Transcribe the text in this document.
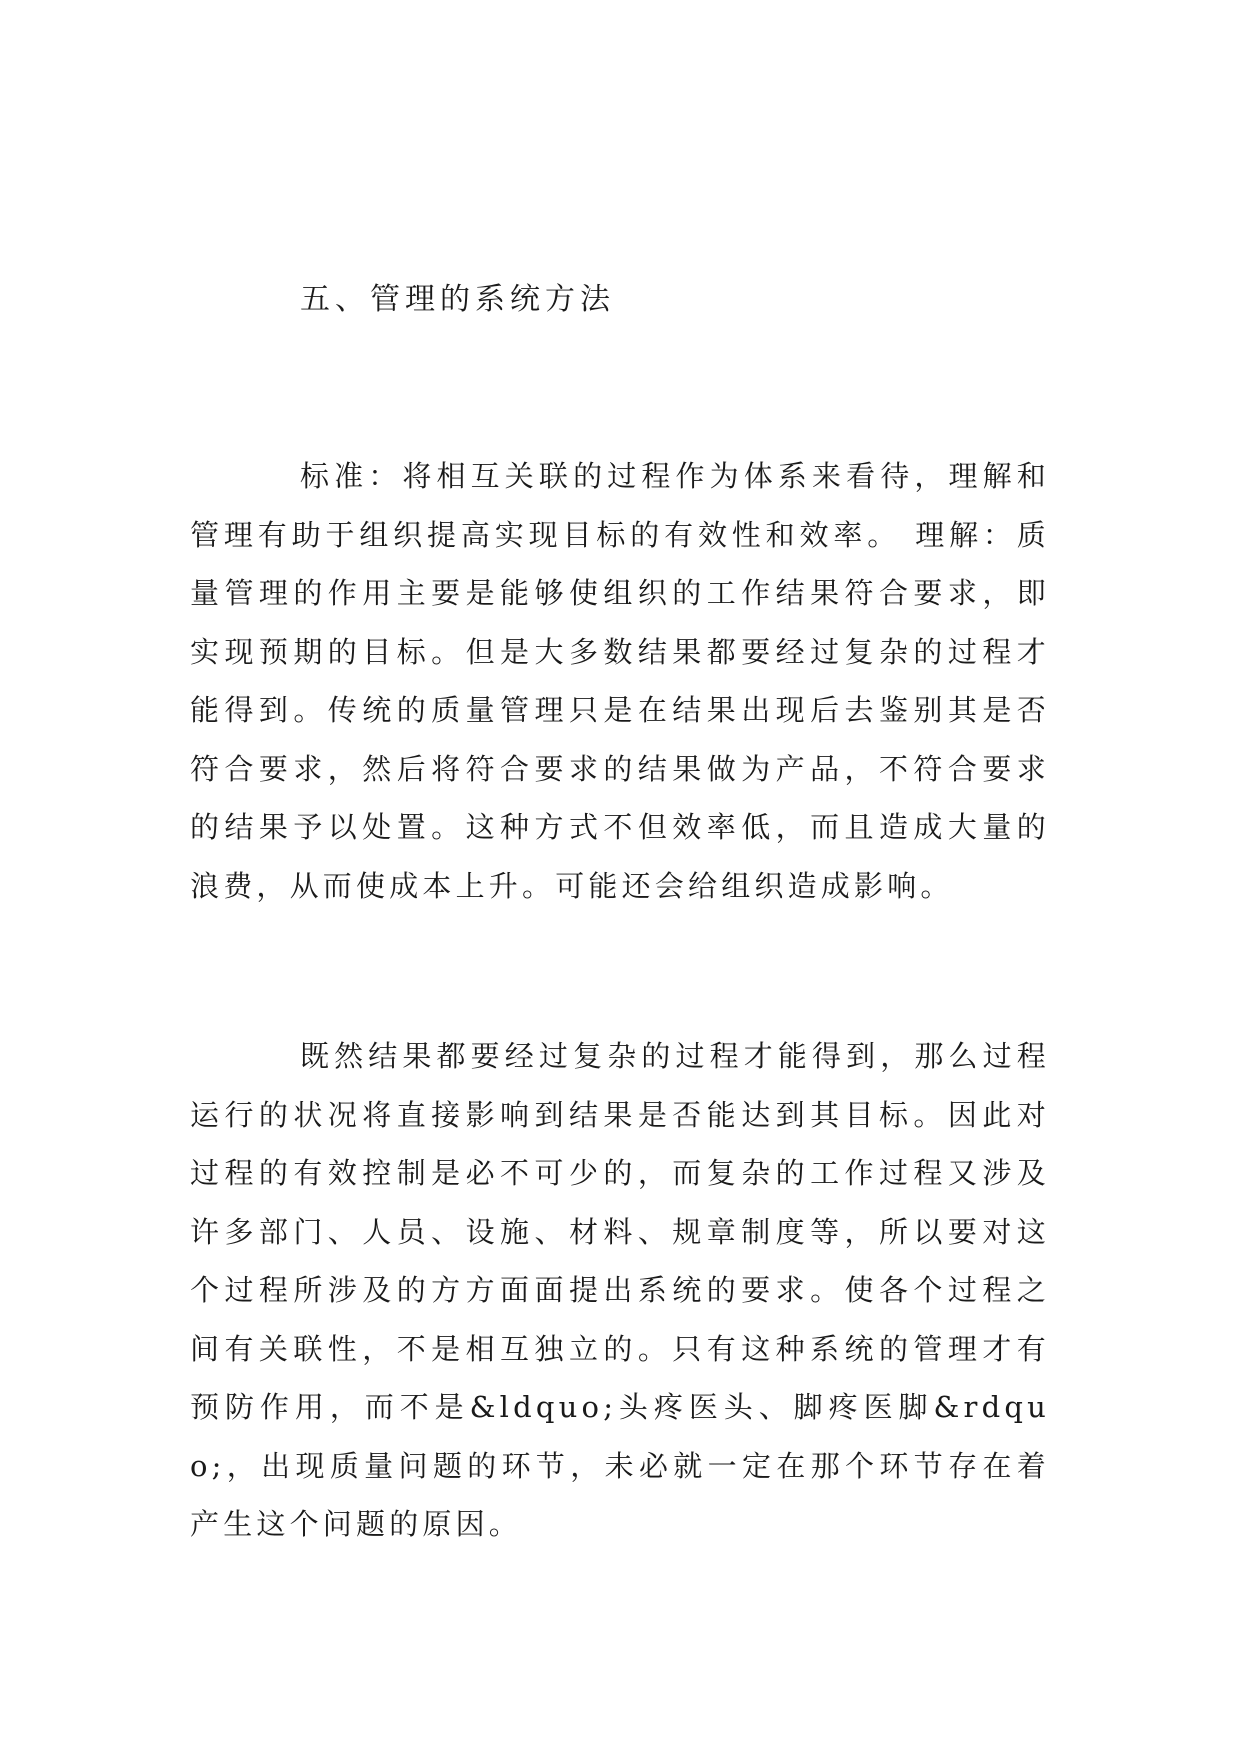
五、管理的系统方法

标准：将相互关联的过程作为体系来看待，理解和管理有助于组织提高实现目标的有效性和效率。 理解：质量管理的作用主要是能够使组织的工作结果符合要求，即实现预期的目标。但是大多数结果都要经过复杂的过程才能得到。传统的质量管理只是在结果出现后去鉴别其是否符合要求，然后将符合要求的结果做为产品，不符合要求的结果予以处置。这种方式不但效率低，而且造成大量的浪费，从而使成本上升。可能还会给组织造成影响。

既然结果都要经过复杂的过程才能得到，那么过程运行的状况将直接影响到结果是否能达到其目标。因此对过程的有效控制是必不可少的，而复杂的工作过程又涉及许多部门、人员、设施、材料、规章制度等，所以要对这个过程所涉及的方方面面提出系统的要求。使各个过程之间有关联性，不是相互独立的。只有这种系统的管理才有预防作用，而不是&ldquo;头疼医头、脚疼医脚&rdquo;，出现质量问题的环节，未必就一定在那个环节存在着产生这个问题的原因。
